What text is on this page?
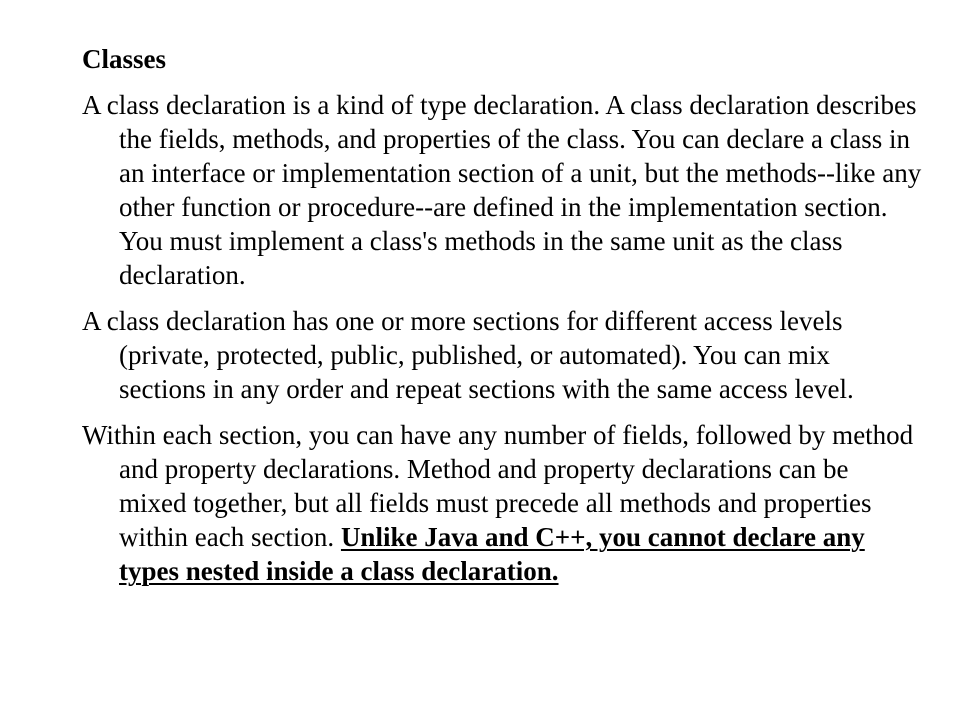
Classes
A class declaration is a kind of type declaration. A class declaration describes the fields, methods, and properties of the class. You can declare a class in an interface or implementation section of a unit, but the methods--like any other function or procedure--are defined in the implementation section. You must implement a class's methods in the same unit as the class declaration.
A class declaration has one or more sections for different access levels (private, protected, public, published, or automated). You can mix sections in any order and repeat sections with the same access level.
Within each section, you can have any number of fields, followed by method and property declarations. Method and property declarations can be mixed together, but all fields must precede all methods and properties within each section. Unlike Java and C++, you cannot declare any types nested inside a class declaration.
